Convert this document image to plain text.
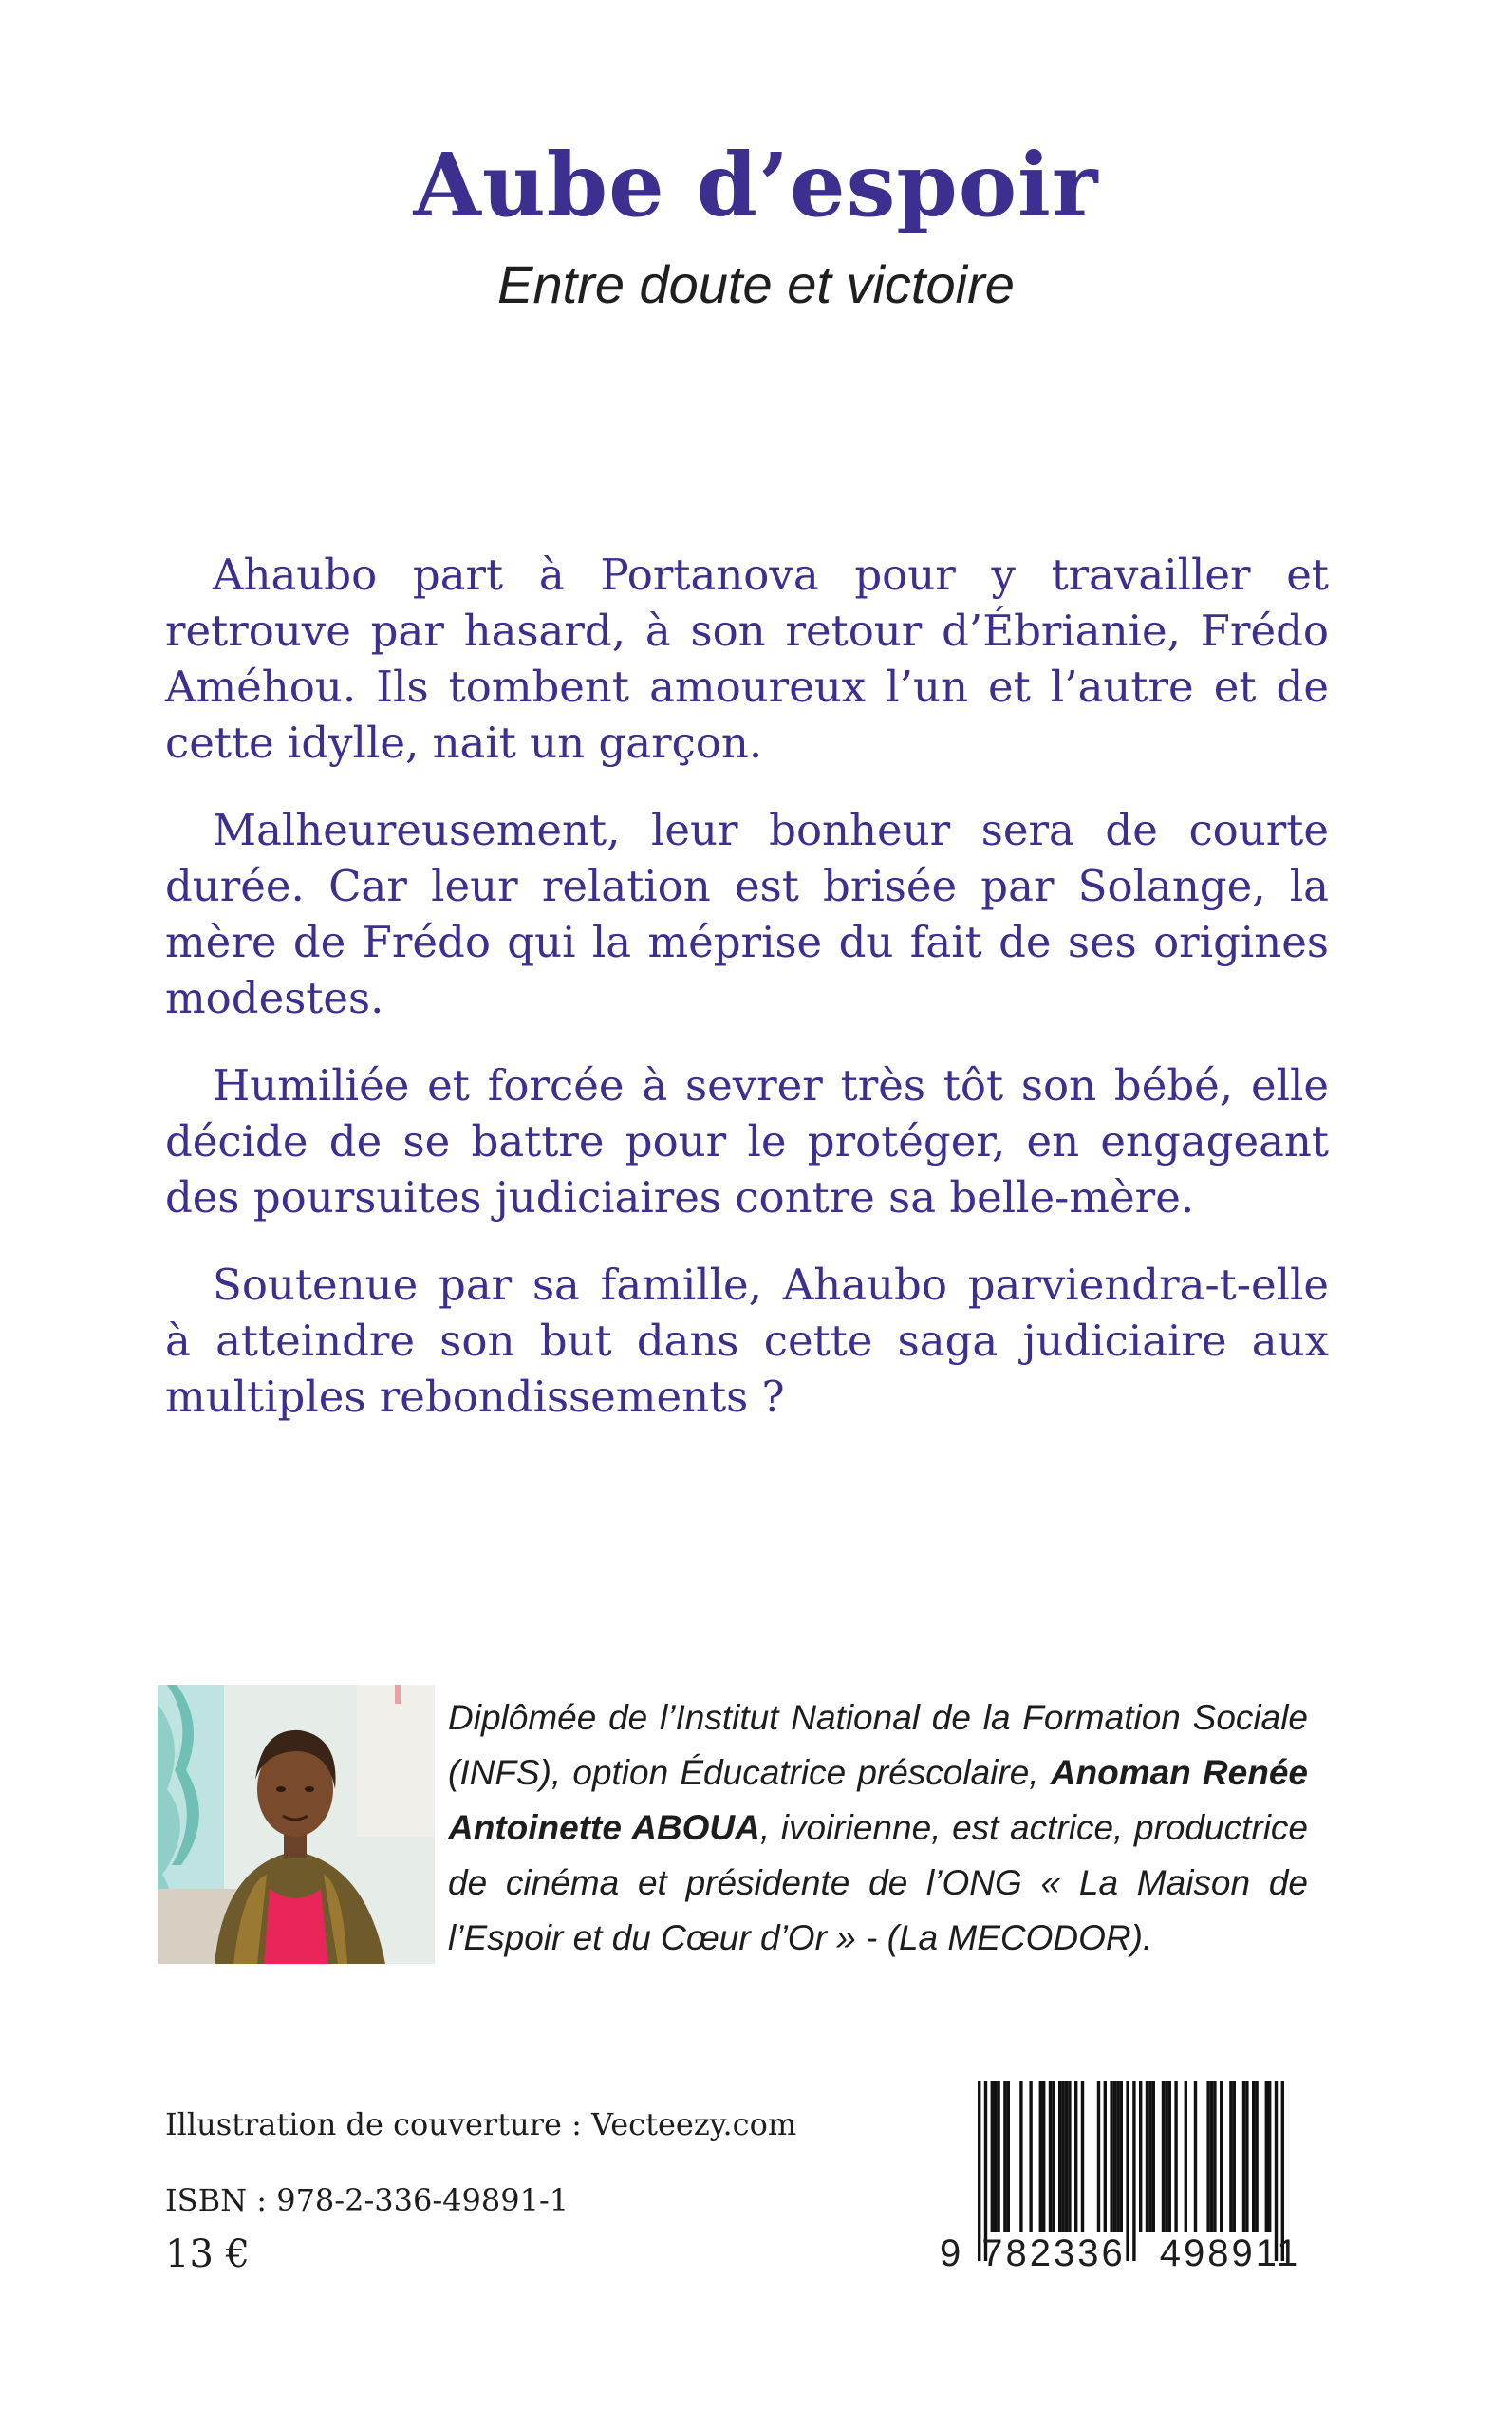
Aube d’espoir
Entre doute et victoire

Ahaubo part à Portanova pour y travailler et retrouve par hasard, à son retour d’Ébrianie, Frédo Améhou. Ils tombent amoureux l’un et l’autre et de cette idylle, nait un garçon.

Malheureusement, leur bonheur sera de courte durée. Car leur relation est brisée par Solange, la mère de Frédo qui la méprise du fait de ses origines modestes.

Humiliée et forcée à sevrer très tôt son bébé, elle décide de se battre pour le protéger, en engageant des poursuites judiciaires contre sa belle-mère.

Soutenue par sa famille, Ahaubo parviendra-t-elle à atteindre son but dans cette saga judiciaire aux multiples rebondissements ?

Diplômée de l’Institut National de la Formation Sociale (INFS), option Éducatrice préscolaire, Anoman Renée Antoinette ABOUA, ivoirienne, est actrice, productrice de cinéma et présidente de l’ONG « La Maison de l’Espoir et du Cœur d’Or » - (La MECODOR).
Illustration de couverture : Vecteezy.com
ISBN : 978-2-336-49891-1
13 €	9 782336 498911
